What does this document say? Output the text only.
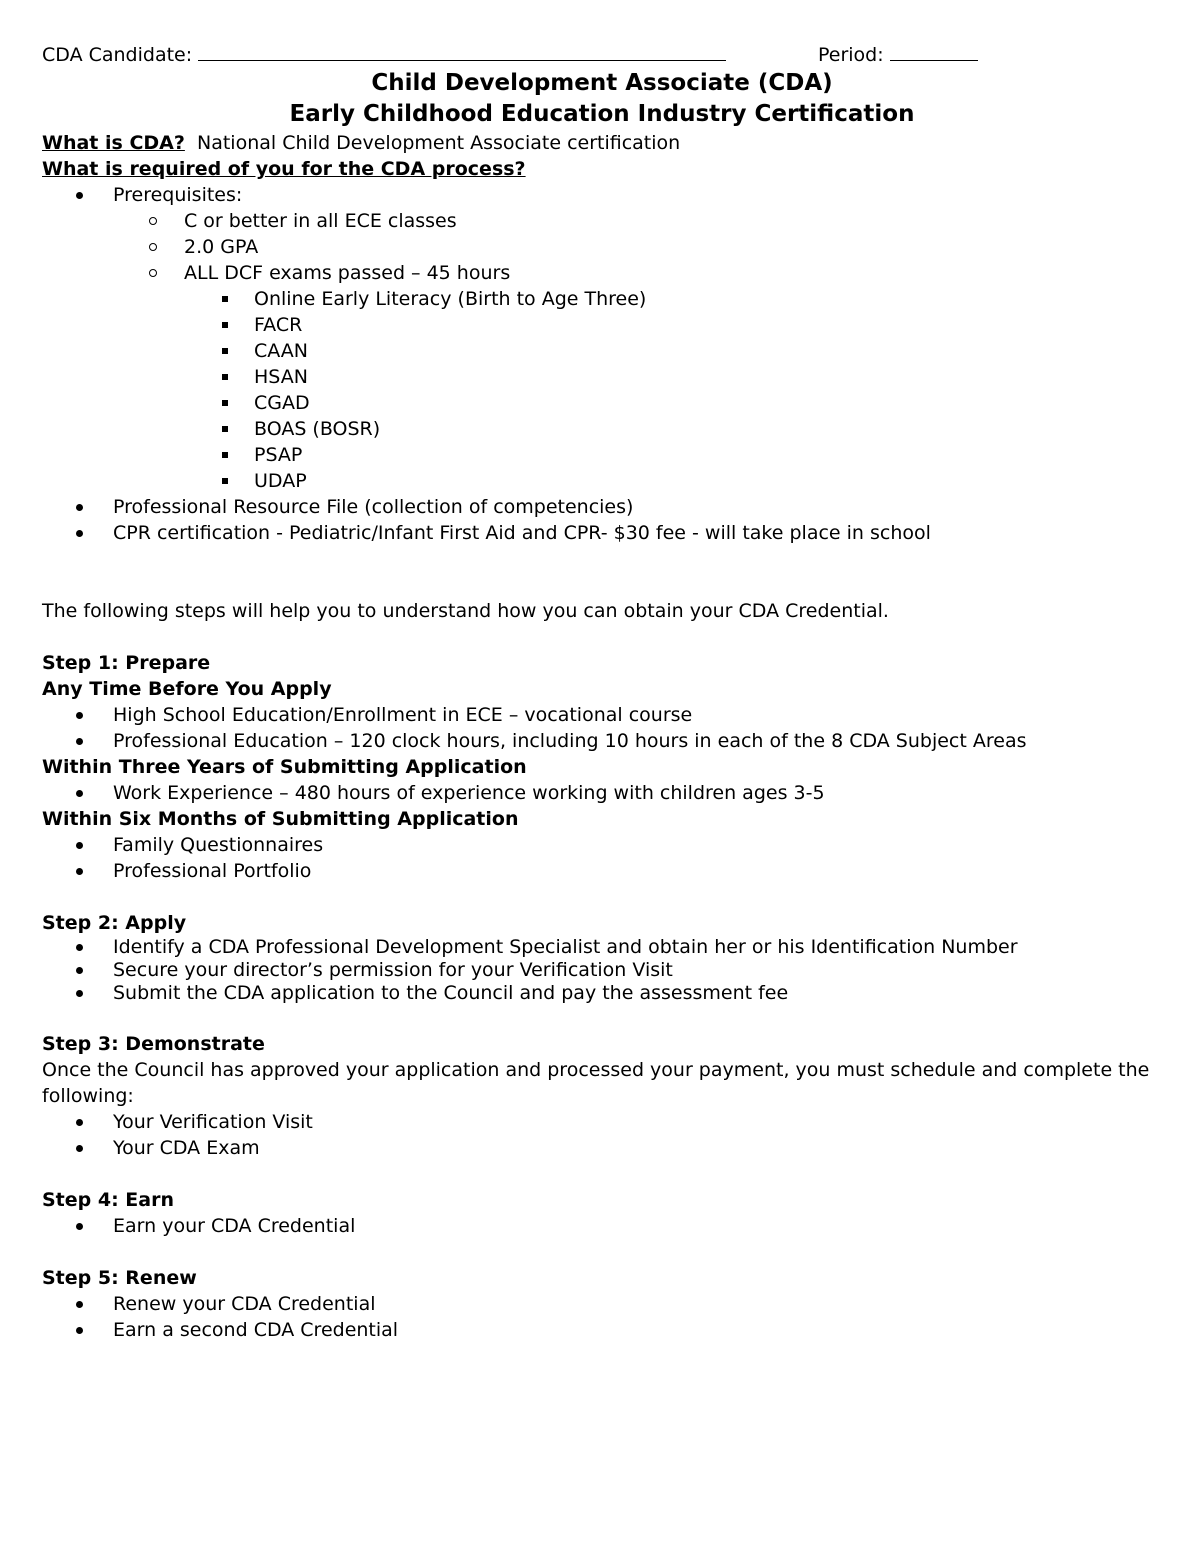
CDA Candidate:	Period:
Child Development Associate (CDA)
Early Childhood Education Industry Certification
What is CDA? National Child Development Associate certification
What is required of you for the CDA process?
Prerequisites:
C or better in all ECE classes
2.0 GPA
ALL DCF exams passed – 45 hours
Online Early Literacy (Birth to Age Three)
FACR
CAAN
HSAN
CGAD
BOAS (BOSR)
PSAP
UDAP
Professional Resource File (collection of competencies)
CPR certification - Pediatric/Infant First Aid and CPR- $30 fee - will take place in school
The following steps will help you to understand how you can obtain your CDA Credential.
Step 1: Prepare
Any Time Before You Apply
High School Education/Enrollment in ECE – vocational course
Professional Education – 120 clock hours, including 10 hours in each of the 8 CDA Subject Areas
Within Three Years of Submitting Application
Work Experience – 480 hours of experience working with children ages 3-5
Within Six Months of Submitting Application
Family Questionnaires
Professional Portfolio
Step 2: Apply
Identify a CDA Professional Development Specialist and obtain her or his Identification Number
Secure your director’s permission for your Verification Visit
Submit the CDA application to the Council and pay the assessment fee
Step 3: Demonstrate
Once the Council has approved your application and processed your payment, you must schedule and complete the following:
Your Verification Visit
Your CDA Exam
Step 4: Earn
Earn your CDA Credential
Step 5: Renew
Renew your CDA Credential
Earn a second CDA Credential
